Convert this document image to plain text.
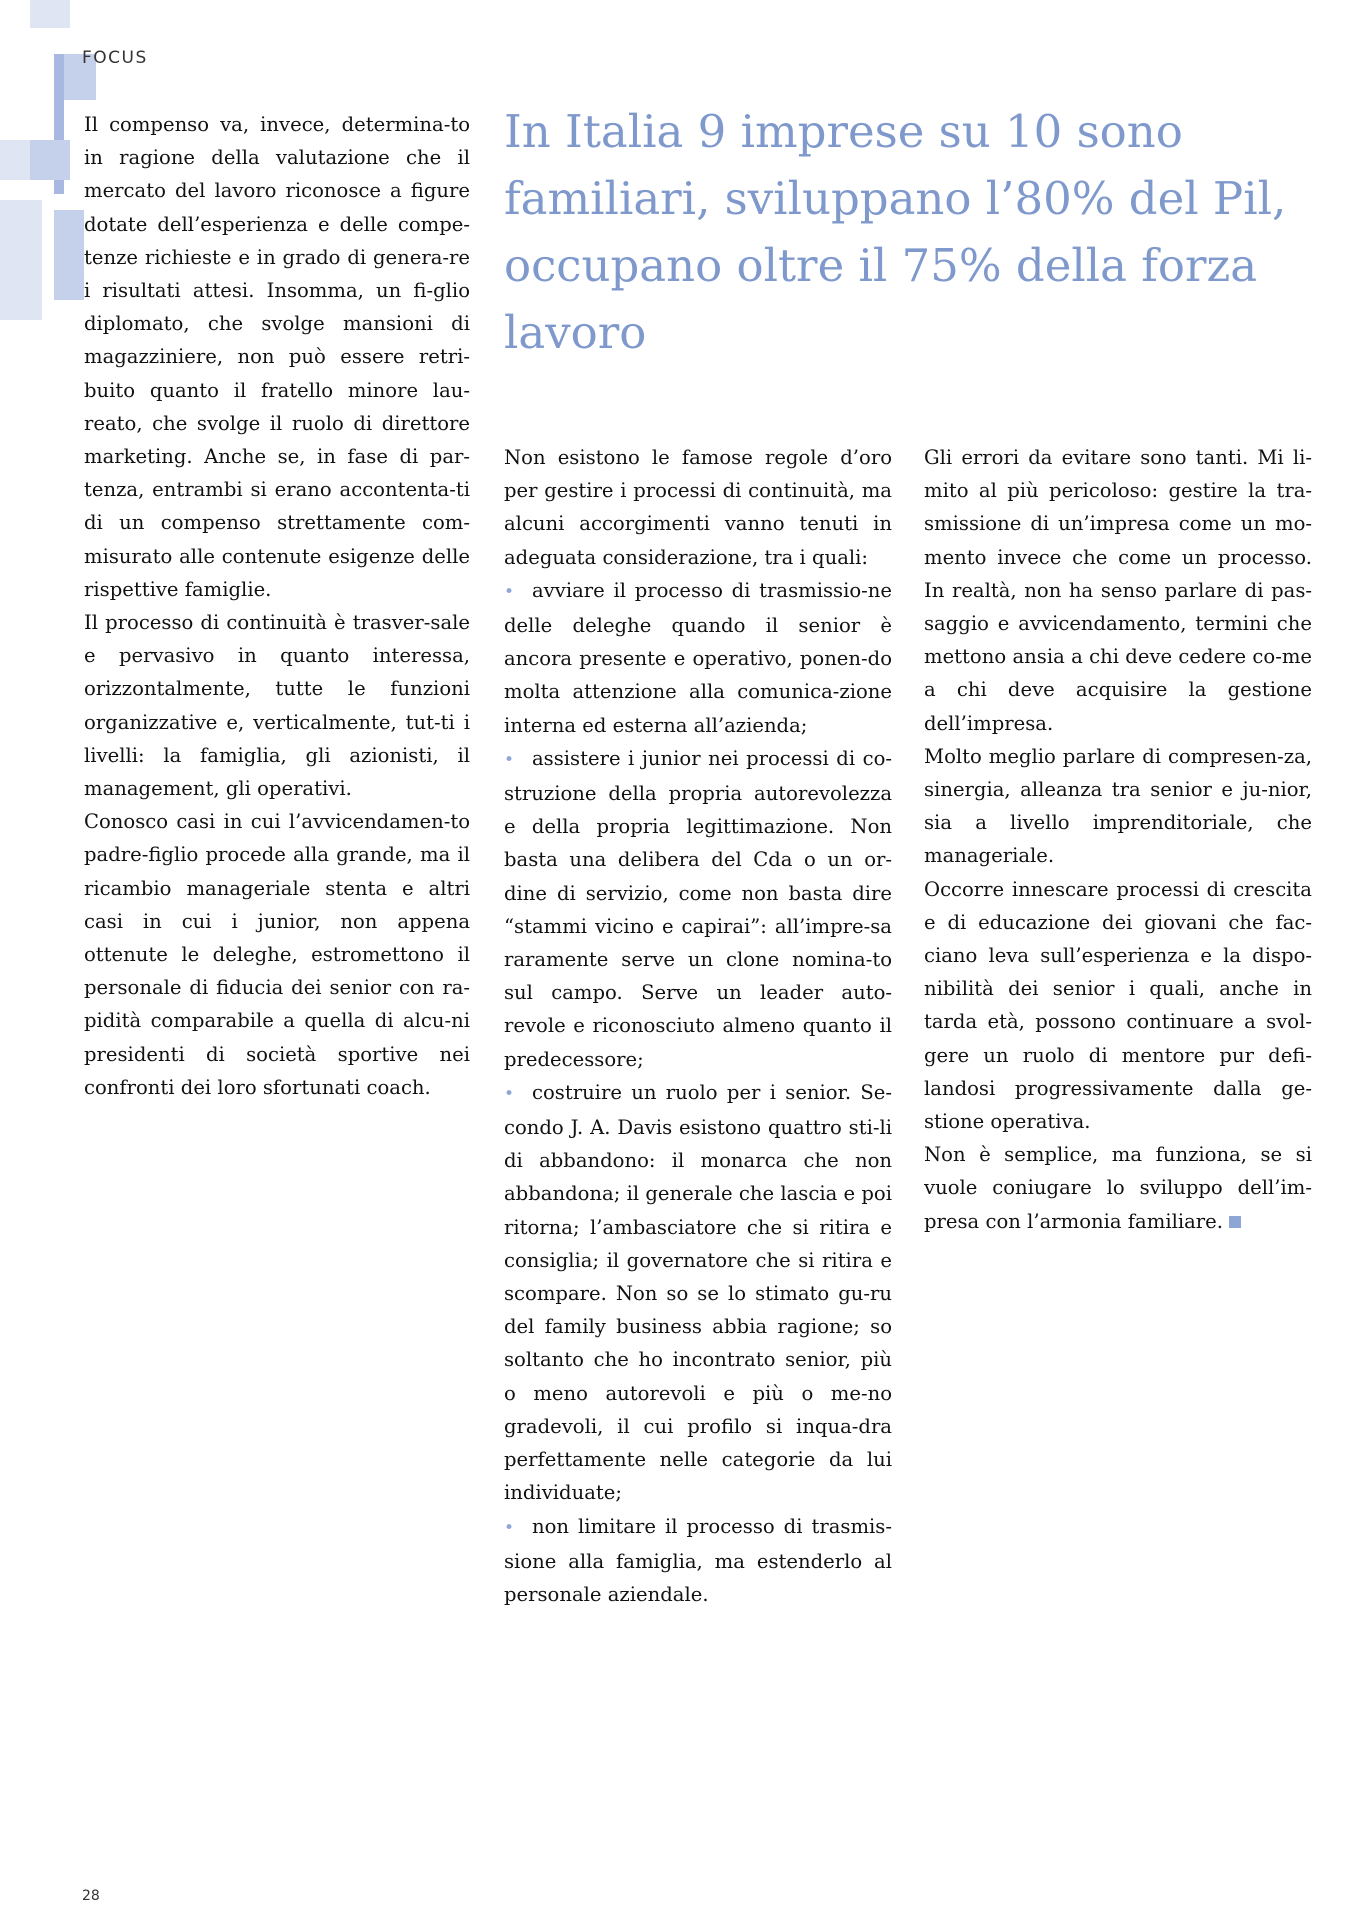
FOCUS
In Italia 9 imprese su 10 sono familiari, sviluppano l’80% del Pil, occupano oltre il 75% della forza lavoro

Il compenso va, invece, determina-to in ragione della valutazione che il mercato del lavoro riconosce a figure dotate dell’esperienza e delle compe-tenze richieste e in grado di genera-re i risultati attesi. Insomma, un fi-glio diplomato, che svolge mansioni di magazziniere, non può essere retri-buito quanto il fratello minore lau-reato, che svolge il ruolo di direttore marketing. Anche se, in fase di par-tenza, entrambi si erano accontenta-ti di un compenso strettamente com-misurato alle contenute esigenze delle rispettive famiglie.

Il processo di continuità è trasver-sale e pervasivo in quanto interessa, orizzontalmente, tutte le funzioni organizzative e, verticalmente, tut-ti i livelli: la famiglia, gli azionisti, il management, gli operativi.

Conosco casi in cui l’avvicendamen-to padre-figlio procede alla grande, ma il ricambio manageriale stenta e altri casi in cui i junior, non appena ottenute le deleghe, estromettono il personale di fiducia dei senior con ra-pidità comparabile a quella di alcu-ni presidenti di società sportive nei confronti dei loro sfortunati coach.

Non esistono le famose regole d’oro per gestire i processi di continuità, ma alcuni accorgimenti vanno tenuti in adeguata considerazione, tra i quali:

• avviare il processo di trasmissio-ne delle deleghe quando il senior è ancora presente e operativo, ponen-do molta attenzione alla comunica-zione interna ed esterna all’azienda;

• assistere i junior nei processi di co-struzione della propria autorevolezza e della propria legittimazione. Non basta una delibera del Cda o un or-dine di servizio, come non basta dire “stammi vicino e capirai”: all’impre-sa raramente serve un clone nomina-to sul campo. Serve un leader auto-revole e riconosciuto almeno quanto il predecessore;

• costruire un ruolo per i senior. Se-condo J. A. Davis esistono quattro sti-li di abbandono: il monarca che non abbandona; il generale che lascia e poi ritorna; l’ambasciatore che si ritira e consiglia; il governatore che si ritira e scompare. Non so se lo stimato gu-ru del family business abbia ragione; so soltanto che ho incontrato senior, più o meno autorevoli e più o me-no gradevoli, il cui profilo si inqua-dra perfettamente nelle categorie da lui individuate;

• non limitare il processo di trasmis-sione alla famiglia, ma estenderlo al personale aziendale.

Gli errori da evitare sono tanti. Mi li-mito al più pericoloso: gestire la tra-smissione di un’impresa come un mo-mento invece che come un processo. In realtà, non ha senso parlare di pas-saggio e avvicendamento, termini che mettono ansia a chi deve cedere co-me a chi deve acquisire la gestione dell’impresa.

Molto meglio parlare di compresen-za, sinergia, alleanza tra senior e ju-nior, sia a livello imprenditoriale, che manageriale.

Occorre innescare processi di crescita e di educazione dei giovani che fac-ciano leva sull’esperienza e la dispo-nibilità dei senior i quali, anche in tarda età, possono continuare a svol-gere un ruolo di mentore pur defi-landosi progressivamente dalla ge-stione operativa.

Non è semplice, ma funziona, se si vuole coniugare lo sviluppo dell’im-presa con l’armonia familiare.

28
